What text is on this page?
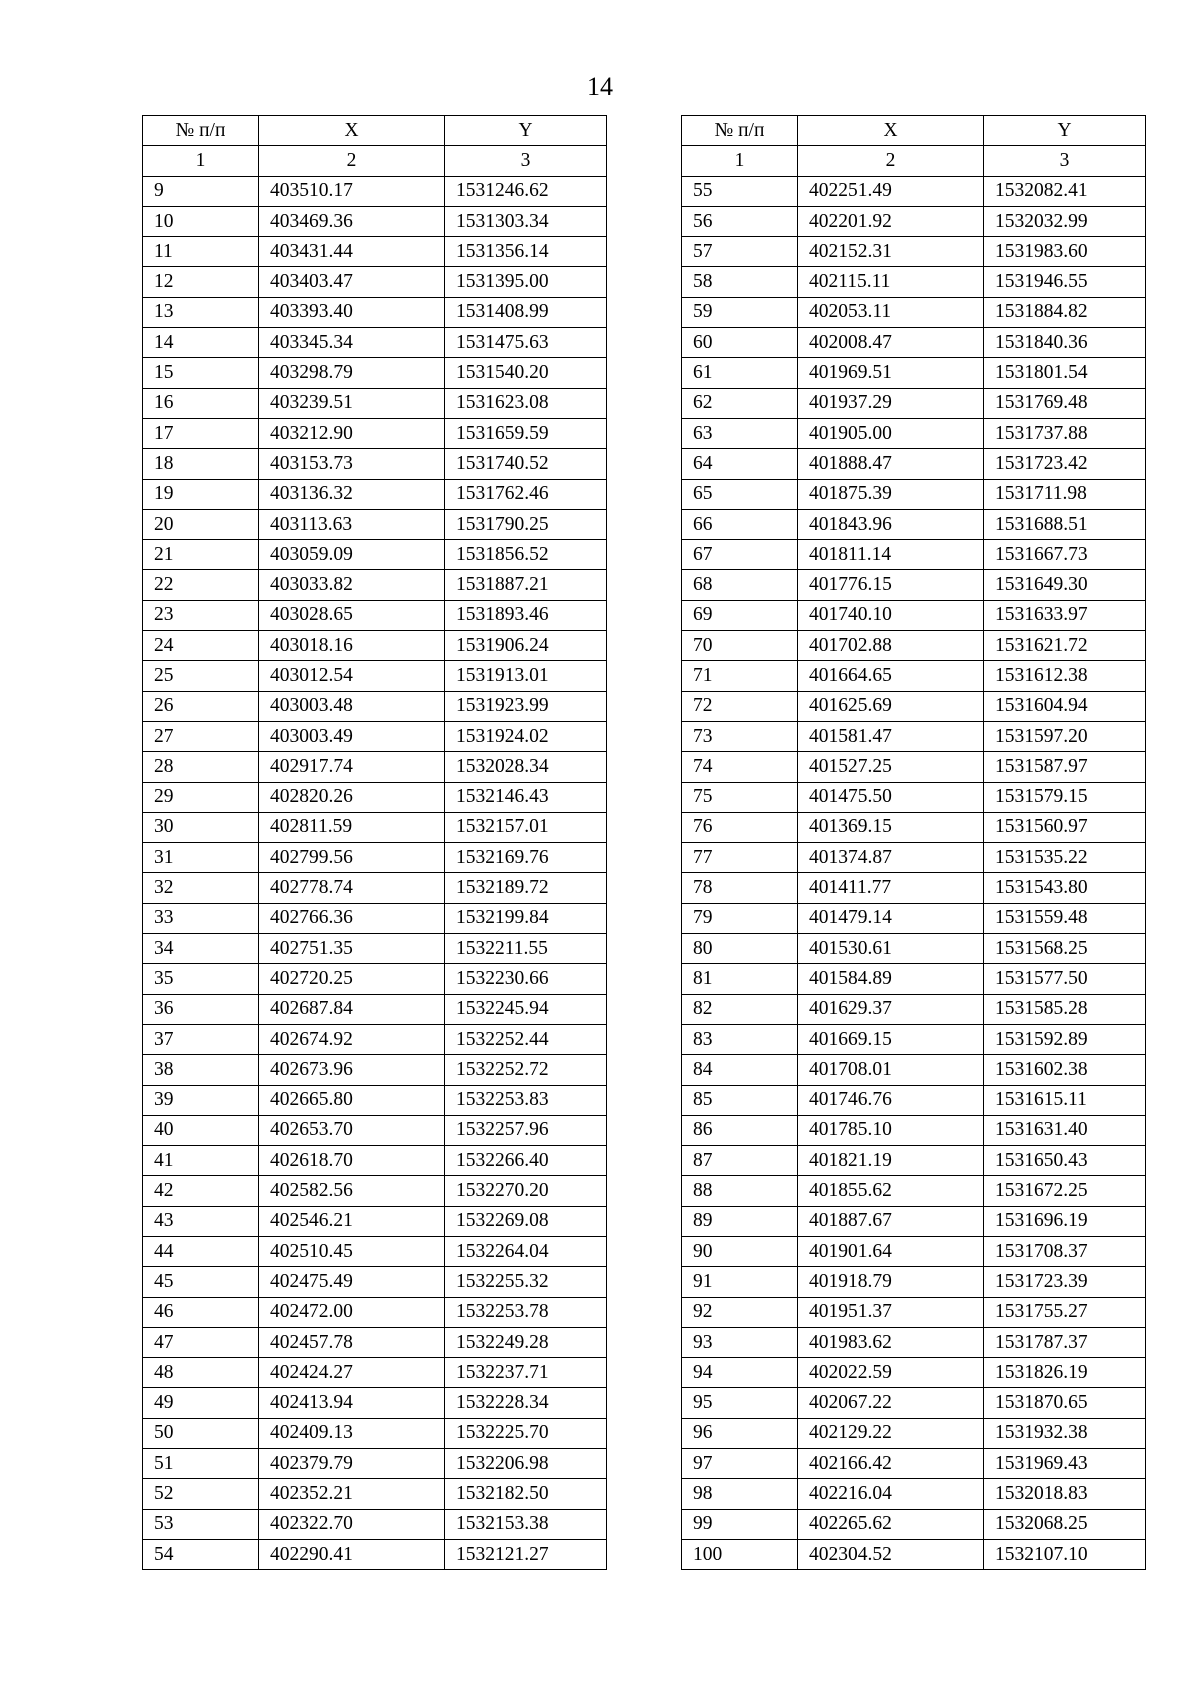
14
№ п/п	X	Y
1	2	3
9	403510.17	1531246.62
10	403469.36	1531303.34
11	403431.44	1531356.14
12	403403.47	1531395.00
13	403393.40	1531408.99
14	403345.34	1531475.63
15	403298.79	1531540.20
16	403239.51	1531623.08
17	403212.90	1531659.59
18	403153.73	1531740.52
19	403136.32	1531762.46
20	403113.63	1531790.25
21	403059.09	1531856.52
22	403033.82	1531887.21
23	403028.65	1531893.46
24	403018.16	1531906.24
25	403012.54	1531913.01
26	403003.48	1531923.99
27	403003.49	1531924.02
28	402917.74	1532028.34
29	402820.26	1532146.43
30	402811.59	1532157.01
31	402799.56	1532169.76
32	402778.74	1532189.72
33	402766.36	1532199.84
34	402751.35	1532211.55
35	402720.25	1532230.66
36	402687.84	1532245.94
37	402674.92	1532252.44
38	402673.96	1532252.72
39	402665.80	1532253.83
40	402653.70	1532257.96
41	402618.70	1532266.40
42	402582.56	1532270.20
43	402546.21	1532269.08
44	402510.45	1532264.04
45	402475.49	1532255.32
46	402472.00	1532253.78
47	402457.78	1532249.28
48	402424.27	1532237.71
49	402413.94	1532228.34
50	402409.13	1532225.70
51	402379.79	1532206.98
52	402352.21	1532182.50
53	402322.70	1532153.38
54	402290.41	1532121.27
№ п/п	X	Y
1	2	3
55	402251.49	1532082.41
56	402201.92	1532032.99
57	402152.31	1531983.60
58	402115.11	1531946.55
59	402053.11	1531884.82
60	402008.47	1531840.36
61	401969.51	1531801.54
62	401937.29	1531769.48
63	401905.00	1531737.88
64	401888.47	1531723.42
65	401875.39	1531711.98
66	401843.96	1531688.51
67	401811.14	1531667.73
68	401776.15	1531649.30
69	401740.10	1531633.97
70	401702.88	1531621.72
71	401664.65	1531612.38
72	401625.69	1531604.94
73	401581.47	1531597.20
74	401527.25	1531587.97
75	401475.50	1531579.15
76	401369.15	1531560.97
77	401374.87	1531535.22
78	401411.77	1531543.80
79	401479.14	1531559.48
80	401530.61	1531568.25
81	401584.89	1531577.50
82	401629.37	1531585.28
83	401669.15	1531592.89
84	401708.01	1531602.38
85	401746.76	1531615.11
86	401785.10	1531631.40
87	401821.19	1531650.43
88	401855.62	1531672.25
89	401887.67	1531696.19
90	401901.64	1531708.37
91	401918.79	1531723.39
92	401951.37	1531755.27
93	401983.62	1531787.37
94	402022.59	1531826.19
95	402067.22	1531870.65
96	402129.22	1531932.38
97	402166.42	1531969.43
98	402216.04	1532018.83
99	402265.62	1532068.25
100	402304.52	1532107.10
